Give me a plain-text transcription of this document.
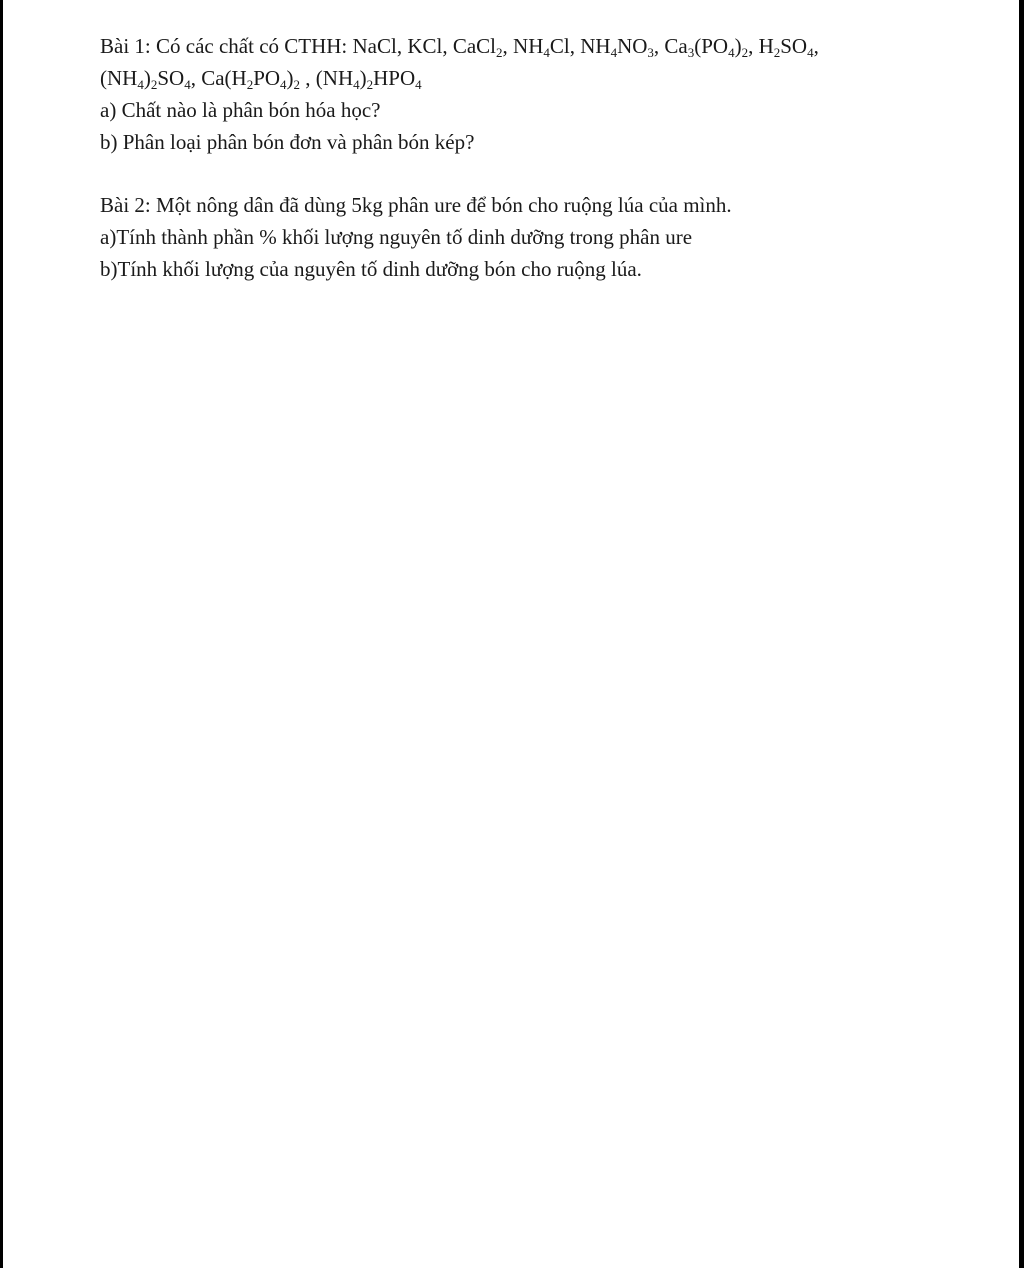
Bài 1: Có các chất có CTHH: NaCl, KCl, CaCl$_2$, $NH_4Cl$, $NH_4NO_3$, $Ca_3(PO_4)_2$, $H_2SO_4$,
$(NH_4)_2SO_4$, $Ca(H_2PO_4)_2$ , $(NH_4)_2HPO_4$
a) Chất nào là phân bón hóa học?
b) Phân loại phân bón đơn và phân bón kép?
Bài 2: Một nông dân đã dùng 5kg phân ure để bón cho ruộng lúa của mình.
a)Tính thành phần % khối lượng nguyên tố dinh dưỡng trong phân ure
b)Tính khối lượng của nguyên tố dinh dưỡng bón cho ruộng lúa.
